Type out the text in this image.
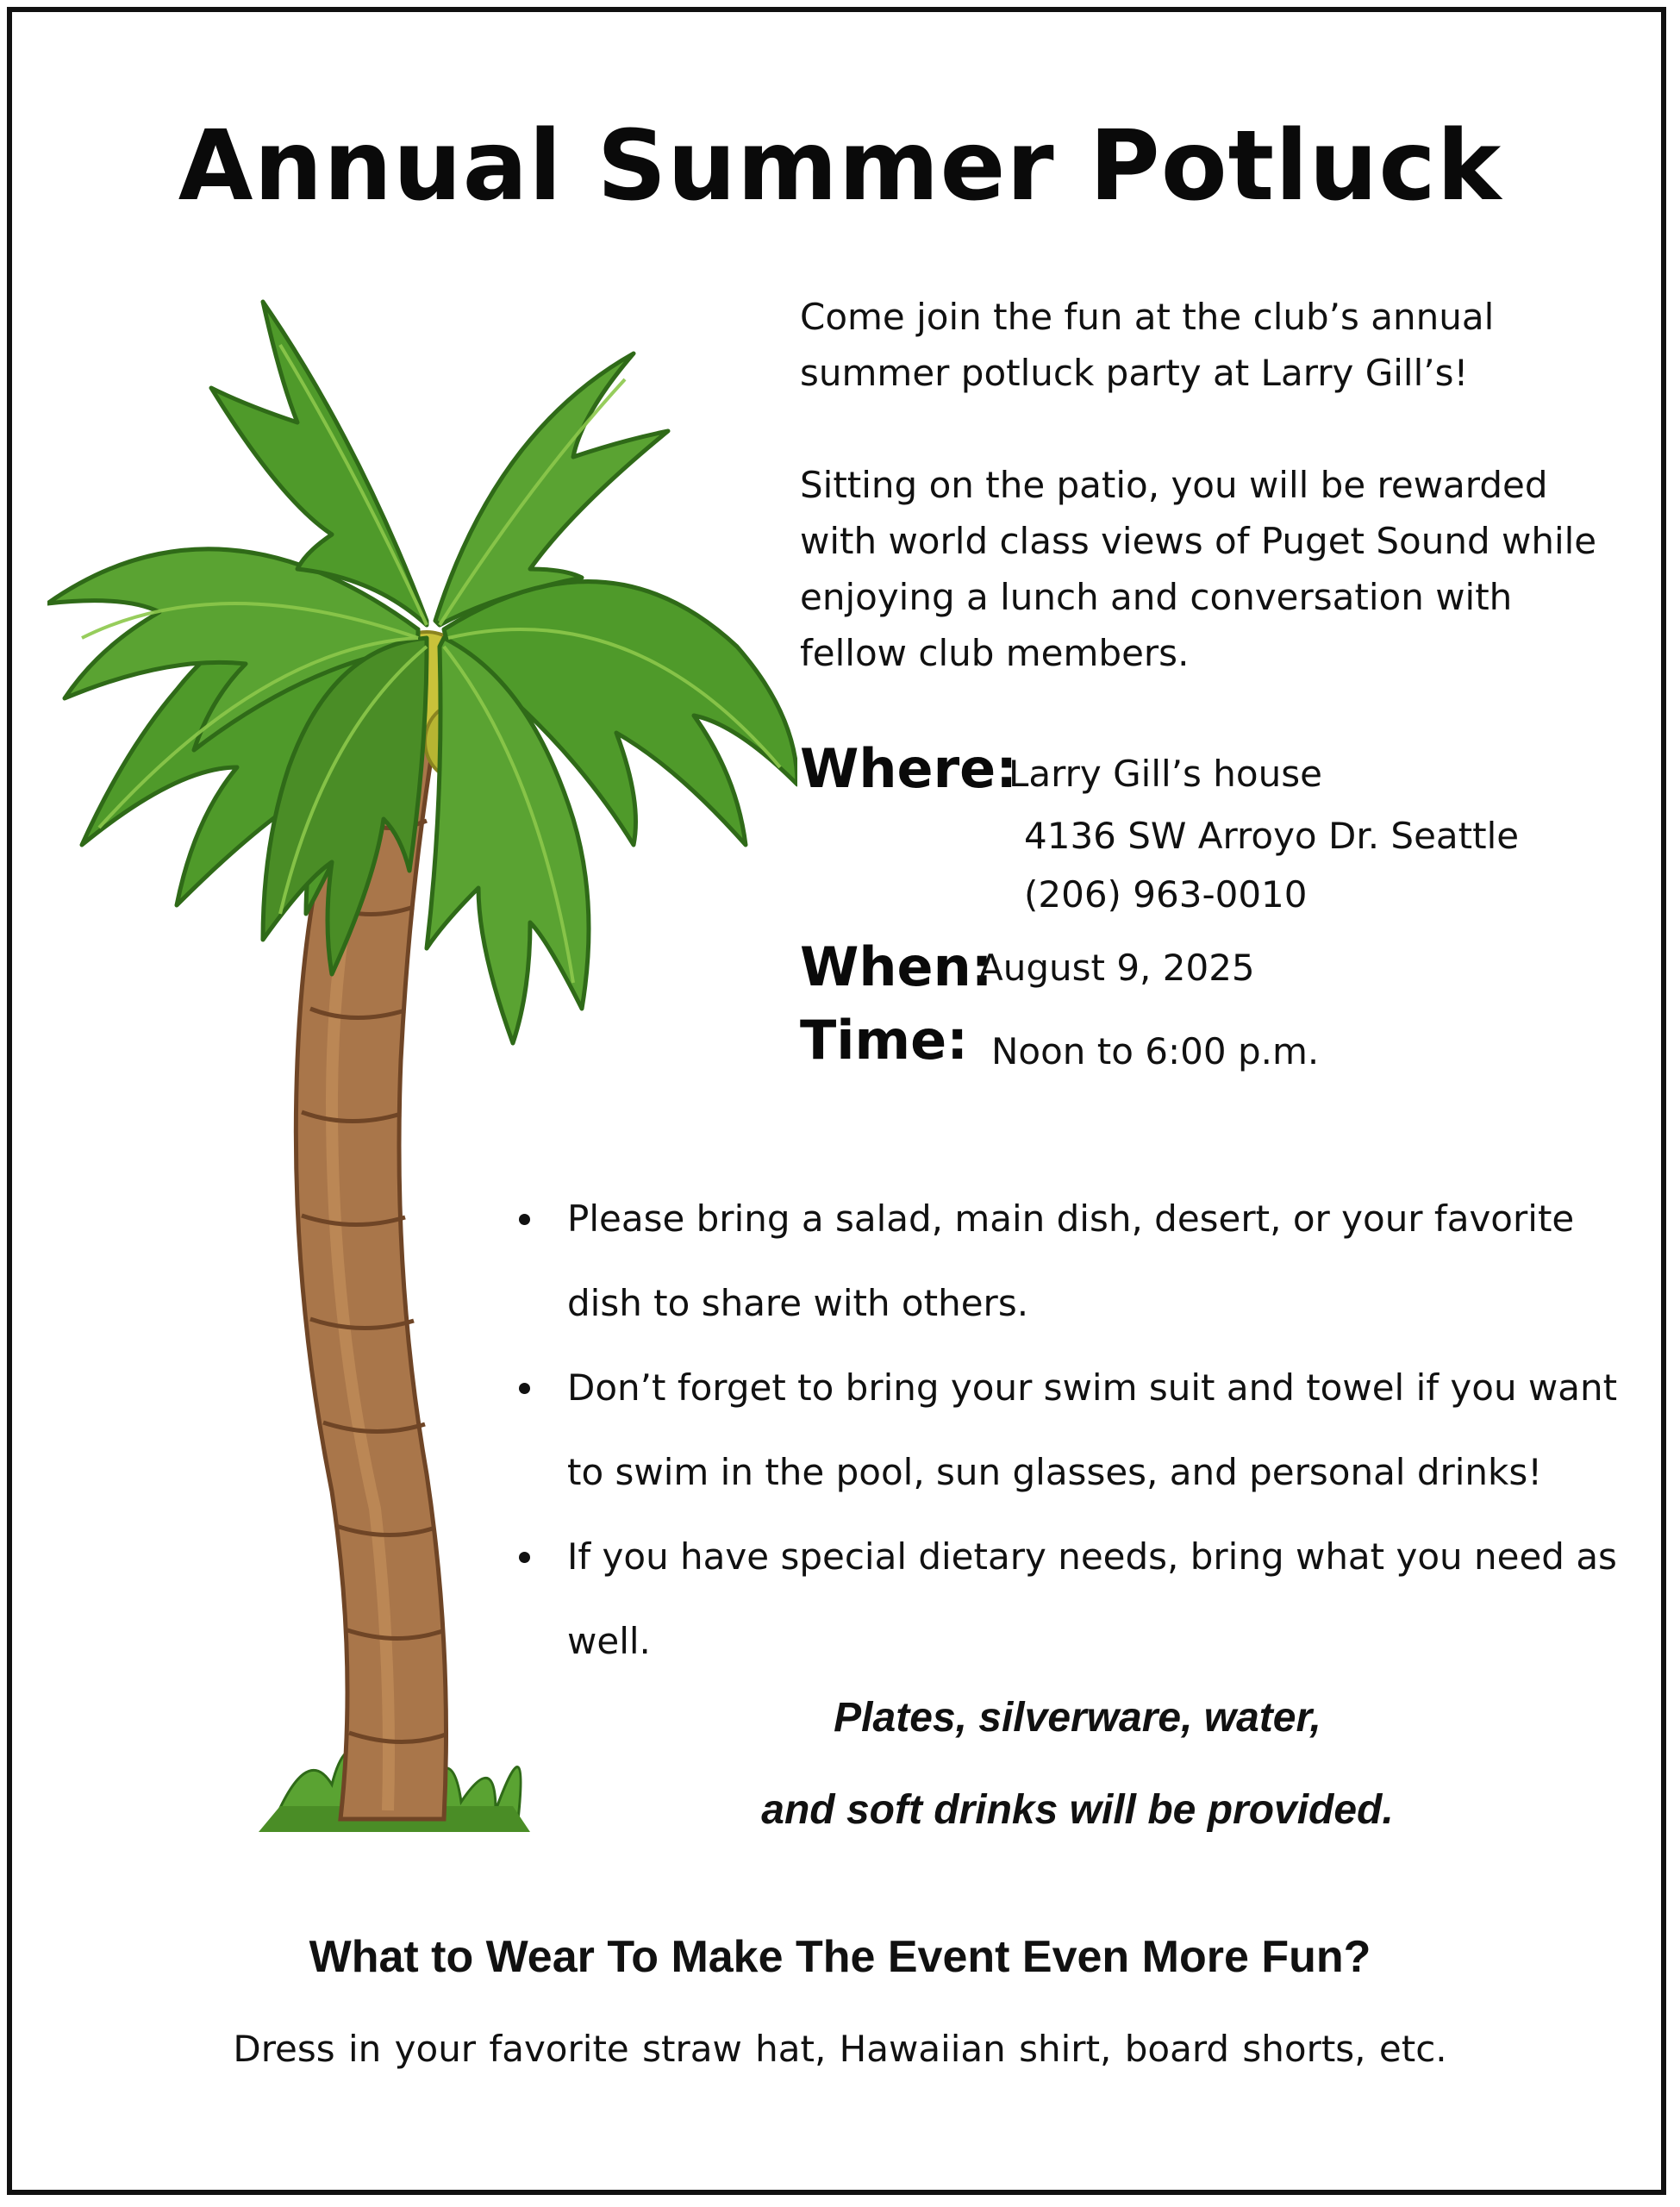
Annual Summer Potluck

Come join the fun at the club’s annual
summer potluck party at Larry Gill’s!

Sitting on the patio, you will be rewarded
with world class views of Puget Sound while
enjoying a lunch and conversation with
fellow club members.

Where:

Larry Gill’s house

4136 SW Arroyo Dr. Seattle

(206) 963-0010

When:

August 9, 2025

Time: Noon to 6:00 p.m.

Please bring a salad, main dish, desert, or your favorite
dish to share with others.
Don’t forget to bring your swim suit and towel if you want
to swim in the pool, sun glasses, and personal drinks!
If you have special dietary needs, bring what you need as
well.

Plates, silverware, water,

and soft drinks will be provided.

What to Wear To Make The Event Even More Fun?

Dress in your favorite straw hat, Hawaiian shirt, board shorts, etc.
